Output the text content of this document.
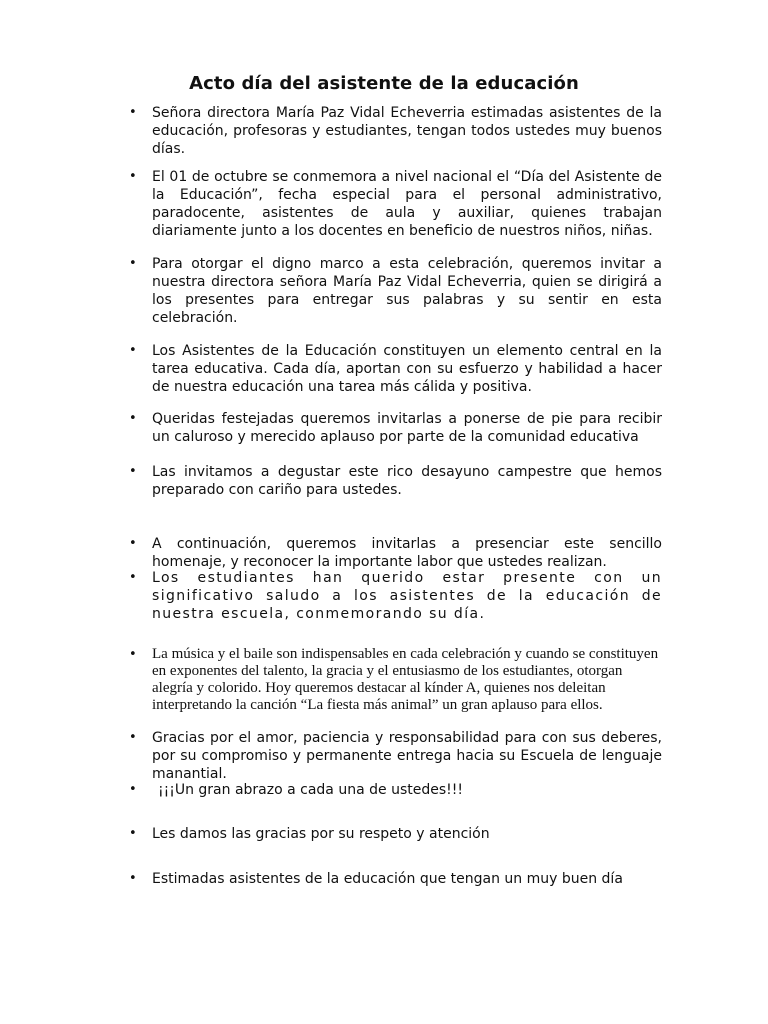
Acto día del asistente de la educación
•	Señora directora María Paz Vidal Echeverria estimadas asistentes de la educación, profesoras y estudiantes, tengan todos ustedes muy buenos días.
•	El 01 de octubre se conmemora a nivel nacional el “Día del Asistente de la Educación”, fecha especial para el personal administrativo, paradocente, asistentes de aula y auxiliar, quienes trabajan diariamente junto a los docentes en beneficio de nuestros niños, niñas.
•	Para otorgar el digno marco a esta celebración, queremos invitar a nuestra directora señora María Paz Vidal Echeverria, quien se dirigirá a los presentes para entregar sus palabras y su sentir en esta celebración.
•	Los Asistentes de la Educación constituyen un elemento central en la tarea educativa. Cada día, aportan con su esfuerzo y habilidad a hacer de nuestra educación una tarea más cálida y positiva.
•	Queridas festejadas queremos invitarlas a ponerse de pie para recibir un caluroso y merecido aplauso por parte de la comunidad educativa
•	Las invitamos a degustar este rico desayuno campestre que hemos preparado con cariño para ustedes.
•	A continuación, queremos invitarlas a presenciar este sencillo homenaje, y reconocer la importante labor que ustedes realizan.
•	Los estudiantes han querido estar presente con un significativo saludo a los asistentes de la educación de nuestra escuela, conmemorando su día.
• La música y el baile son indispensables en cada celebración y cuando se constituyen en exponentes del talento, la gracia y el entusiasmo de los estudiantes, otorgan alegría y colorido. Hoy queremos destacar al kínder A, quienes nos deleitan interpretando la canción “La fiesta más animal” un gran aplauso para ellos.
•	Gracias por el amor, paciencia y responsabilidad para con sus deberes, por su compromiso y permanente entrega hacia su Escuela de lenguaje manantial.
•	¡¡¡Un gran abrazo a cada una de ustedes!!!
•	Les damos las gracias por su respeto y atención
•	Estimadas asistentes de la educación que tengan un muy buen día
